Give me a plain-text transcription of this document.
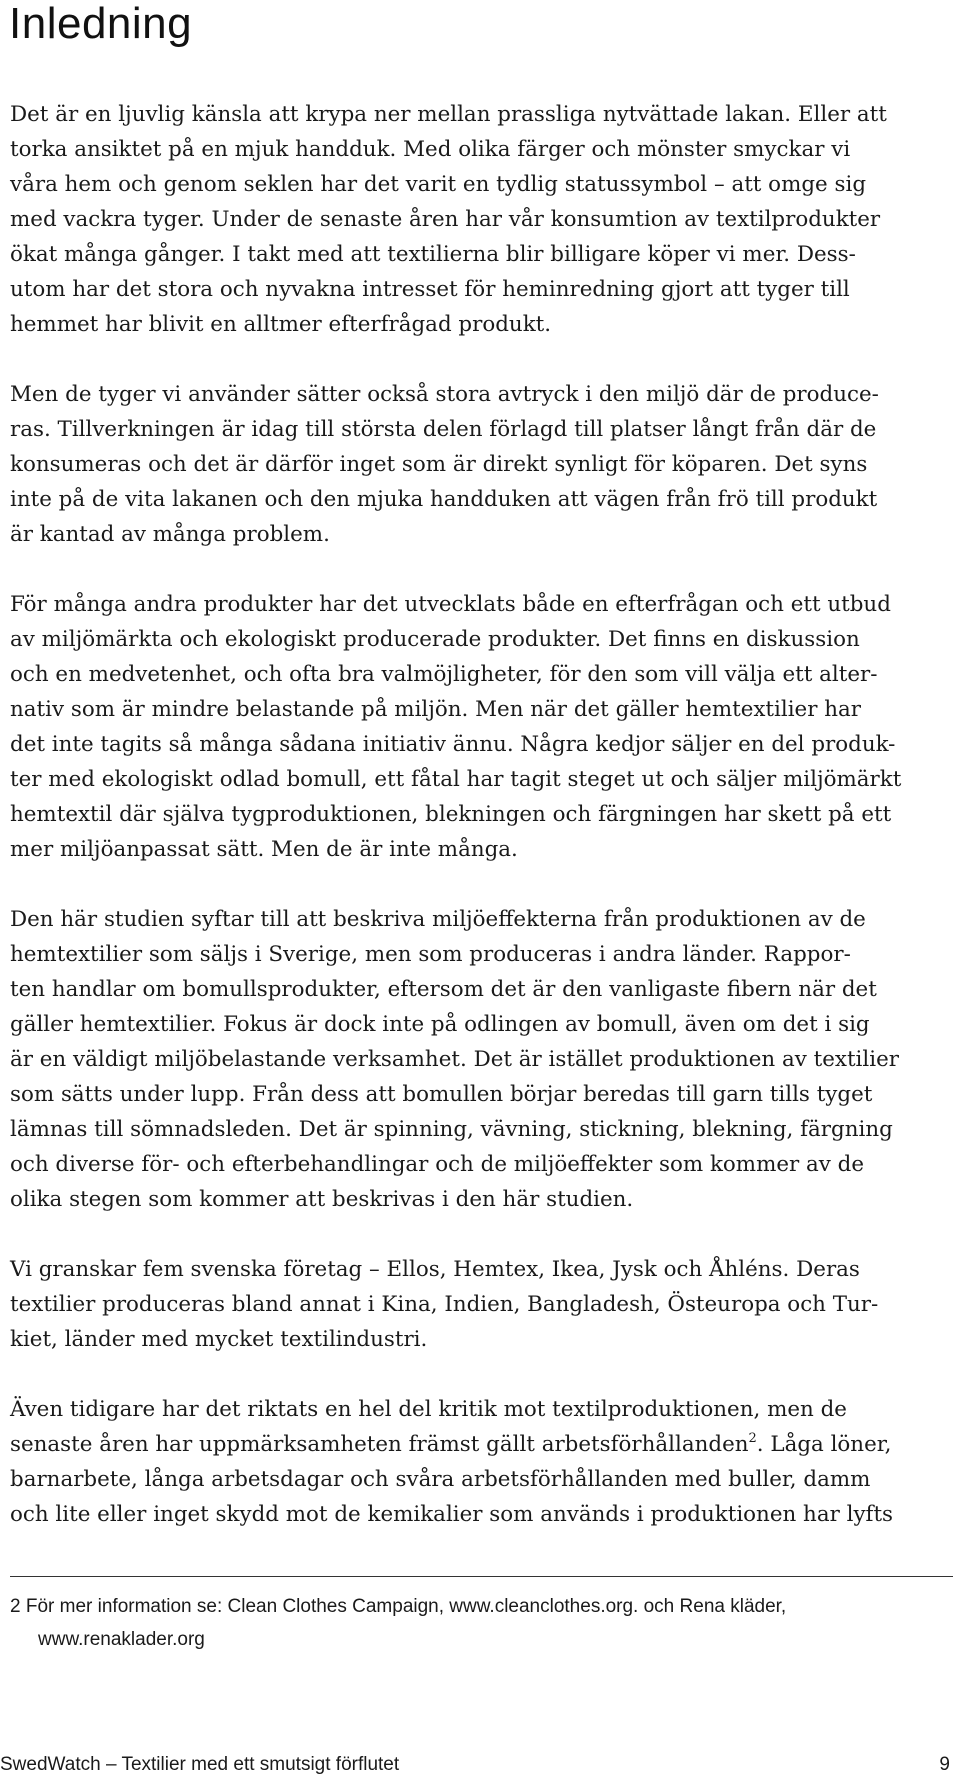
Inledning

Det är en ljuvlig känsla att krypa ner mellan prassliga nytvättade lakan. Eller att
torka ansiktet på en mjuk handduk. Med olika färger och mönster smyckar vi
våra hem och genom seklen har det varit en tydlig statussymbol – att omge sig
med vackra tyger. Under de senaste åren har vår konsumtion av textilprodukter
ökat många gånger. I takt med att textilierna blir billigare köper vi mer. Dess-
utom har det stora och nyvakna intresset för heminredning gjort att tyger till
hemmet har blivit en alltmer efterfrågad produkt.

Men de tyger vi använder sätter också stora avtryck i den miljö där de produce-
ras. Tillverkningen är idag till största delen förlagd till platser långt från där de
konsumeras och det är därför inget som är direkt synligt för köparen. Det syns
inte på de vita lakanen och den mjuka handduken att vägen från frö till produkt
är kantad av många problem.

För många andra produkter har det utvecklats både en efterfrågan och ett utbud
av miljömärkta och ekologiskt producerade produkter. Det finns en diskussion
och en medvetenhet, och ofta bra valmöjligheter, för den som vill välja ett alter-
nativ som är mindre belastande på miljön. Men när det gäller hemtextilier har
det inte tagits så många sådana initiativ ännu. Några kedjor säljer en del produk-
ter med ekologiskt odlad bomull, ett fåtal har tagit steget ut och säljer miljömärkt
hemtextil där själva tygproduktionen, blekningen och färgningen har skett på ett
mer miljöanpassat sätt. Men de är inte många.

Den här studien syftar till att beskriva miljöeffekterna från produktionen av de
hemtextilier som säljs i Sverige, men som produceras i andra länder. Rappor-
ten handlar om bomullsprodukter, eftersom det är den vanligaste fibern när det
gäller hemtextilier. Fokus är dock inte på odlingen av bomull, även om det i sig
är en väldigt miljöbelastande verksamhet. Det är istället produktionen av textilier
som sätts under lupp. Från dess att bomullen börjar beredas till garn tills tyget
lämnas till sömnadsleden. Det är spinning, vävning, stickning, blekning, färgning
och diverse för- och efterbehandlingar och de miljöeffekter som kommer av de
olika stegen som kommer att beskrivas i den här studien.

Vi granskar fem svenska företag – Ellos, Hemtex, Ikea, Jysk och Åhléns. Deras
textilier produceras bland annat i Kina, Indien, Bangladesh, Östeuropa och Tur-
kiet, länder med mycket textilindustri.

Även tidigare har det riktats en hel del kritik mot textilproduktionen, men de
senaste åren har uppmärksamheten främst gällt arbetsförhållanden$^2$. Låga löner,
barnarbete, långa arbetsdagar och svåra arbetsförhållanden med buller, damm
och lite eller inget skydd mot de kemikalier som används i produktionen har lyfts

2 För mer information se: Clean Clothes Campaign, www.cleanclothes.org. och Rena kläder,
www.renaklader.org
SwedWatch – Textilier med ett smutsigt förflutet	9
